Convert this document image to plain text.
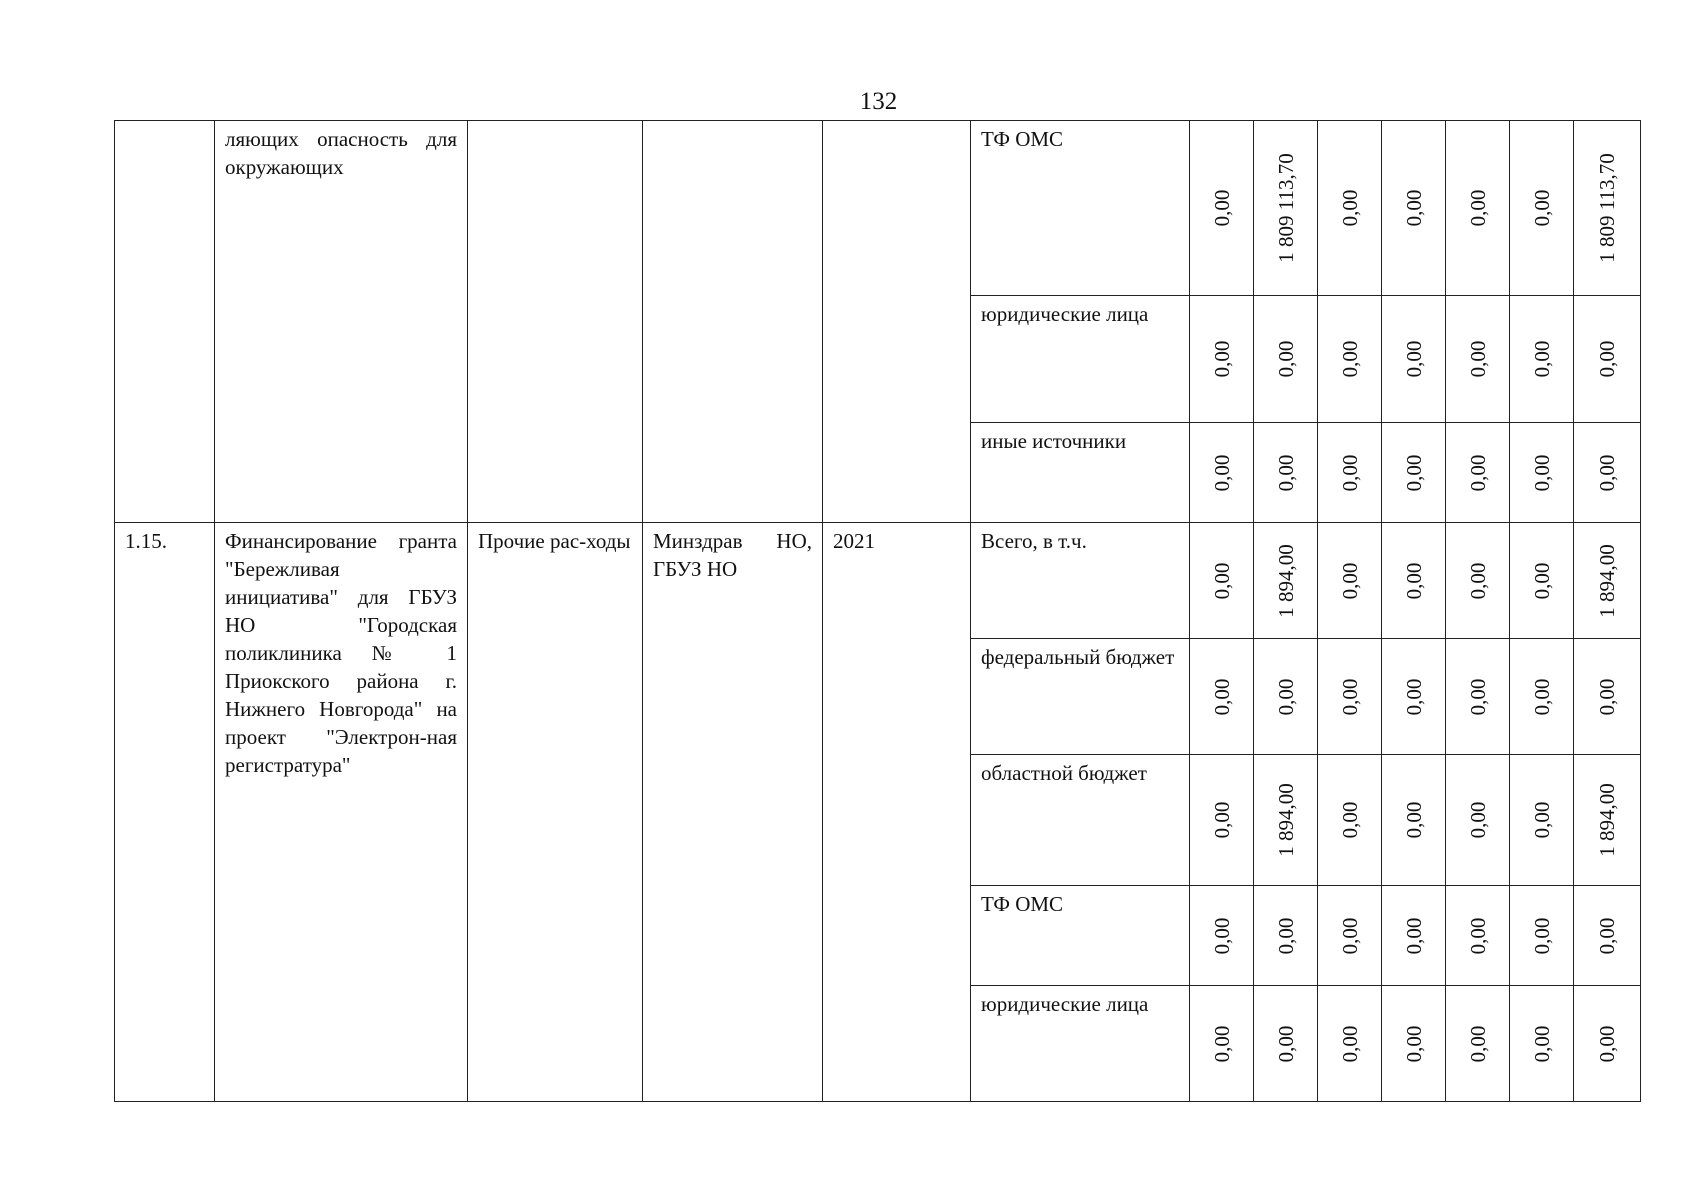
132
	ляющих опасность для окружающих				ТФ ОМС	0,00	1 809 113,70	0,00	0,00	0,00	0,00	1 809 113,70

					юридические лица	0,00	0,00	0,00	0,00	0,00	0,00	0,00

					иные источники	0,00	0,00	0,00	0,00	0,00	0,00	0,00

1.15.	Финансирование гранта "Бережливая инициатива" для ГБУЗ НО "Городская поликлиника № 1 Приокского района г. Нижнего Новгорода" на проект "Электрон-ная регистратура"	Прочие рас-ходы	Минздрав НО, ГБУЗ НО	2021	Всего, в т.ч.	0,00	1 894,00	0,00	0,00	0,00	0,00	1 894,00

					федеральный бюджет	0,00	0,00	0,00	0,00	0,00	0,00	0,00

					областной бюджет	0,00	1 894,00	0,00	0,00	0,00	0,00	1 894,00

					ТФ ОМС	0,00	0,00	0,00	0,00	0,00	0,00	0,00

					юридические лица	0,00	0,00	0,00	0,00	0,00	0,00	0,00
